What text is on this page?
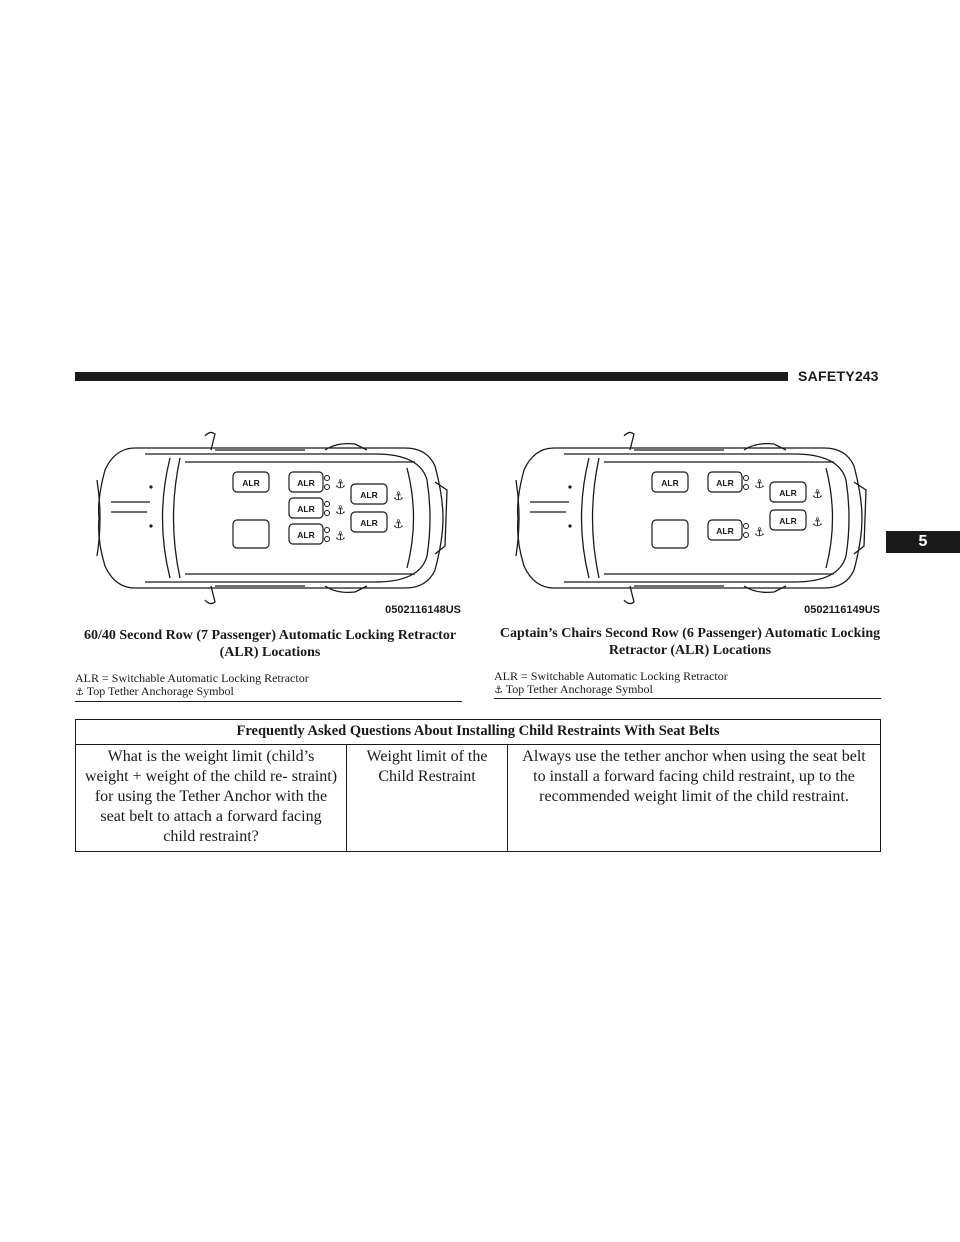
SAFETY 243
5
ALR	ALR
ALR
ALR
ALR
ALR
⚓
⚓
⚓
⚓
⚓
0502116148US
ALR	ALR
ALR
ALR
ALR
⚓
⚓
⚓
⚓
0502116149US
60/40 Second Row (7 Passenger) Automatic Locking Retractor (ALR) Locations
Captain’s Chairs Second Row (6 Passenger) Automatic Locking Retractor (ALR) Locations
ALR = Switchable Automatic Locking Retractor
⚓ Top Tether Anchorage Symbol
ALR = Switchable Automatic Locking Retractor
⚓ Top Tether Anchorage Symbol
Frequently Asked Questions About Installing Child Restraints With Seat Belts
What is the weight limit (child’s weight + weight of the child re- straint) for using the Tether Anchor with the seat belt to attach a forward facing child restraint?	Weight limit of the Child Restraint	Always use the tether anchor when using the seat belt to install a forward facing child restraint, up to the recommended weight limit of the child restraint.
